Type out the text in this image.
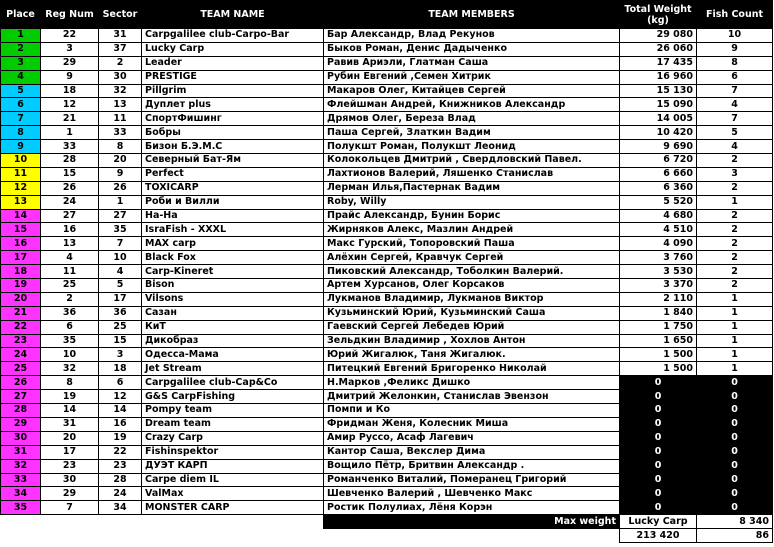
Place	Reg Num	Sector	TEAM NAME	TEAM MEMBERS	Total Weight (kg)	Fish Count
1	22	31	Carpgalilee club-Carpo-Bar	Бар Александр, Влад Рекунов	29 080	10
2	3	37	Lucky Carp	Быков Роман, Денис Дадыченко	26 060	9
3	29	2	Leader	Равив Ариэли, Глатман Саша	17 435	8
4	9	30	PRESTIGE	Рубин Евгений ,Семен Хитрик	16 960	6
5	18	32	Pillgrim	Макаров Олег, Китайцев Сергей	15 130	7
6	12	13	Дуплет plus	Флейшман Андрей, Книжников Александр	15 090	4
7	21	11	СпортФишинг	Дрямов Олег, Береза Влад	14 005	7
8	1	33	Бобры	Паша Сергей, Златкин Вадим	10 420	5
9	33	8	Бизон Б.Э.М.С	Полукшт Роман, Полукшт Леонид	9 690	4
10	28	20	Северный Бат-Ям	Колокольцев Дмитрий , Свердловский Павел.	6 720	2
11	15	9	Perfect	Лахтионов Валерий, Ляшенко Станислав	6 660	3
12	26	26	TOXICARP	Лерман Илья,Пастернак Вадим	6 360	2
13	24	1	Роби и Вилли	Roby, Willy	5 520	1
14	27	27	На-На	Прайс Александр, Бунин Борис	4 680	2
15	16	35	IsraFish - XXXL	Жирняков Алекс, Мазлин Андрей	4 510	2
16	13	7	MAX carp	Макс Гурский, Топоровский Паша	4 090	2
17	4	10	Black Fox	Алёхин Сергей, Кравчук Сергей	3 760	2
18	11	4	Carp-Kineret	Пиковский Александр, Тоболкин Валерий.	3 530	2
19	25	5	Bison	Артем Хурсанов, Олег Корсаков	3 370	2
20	2	17	Vilsons	Лукманов Владимир, Лукманов Виктор	2 110	1
21	36	36	Сазан	Кузьминский Юрий, Кузьминский Саша	1 840	1
22	6	25	КиТ	Гаевский Сергей Лебедев Юрий	1 750	1
23	35	15	Дикобраз	Зельдкин Владимир , Хохлов Антон	1 650	1
24	10	3	Одесса-Мама	Юрий Жигалюк, Таня Жигалюк.	1 500	1
25	32	18	Jet Stream	Питецкий Евгений Бригоренко Николай	1 500	1
26	8	6	Carpgalilee club-Cap&Co	Н.Марков ,Феликс Дишко	0	0
27	19	12	G&S CarpFishing	Дмитрий Желонкин, Станислав Эвензон	0	0
28	14	14	Pompy team	Помпи и Ко	0	0
29	31	16	Dream team	Фридман Женя, Колесник Миша	0	0
30	20	19	Crazy Carp	Амир Руссо, Асаф Лагевич	0	0
31	17	22	Fishinspektor	Кантор Саша, Векслер Дима	0	0
32	23	23	ДУЭТ КАРП	Вощило Пётр, Бритвин Александр .	0	0
33	30	28	Carpe diem IL	Романченко Виталий, Померанец Григорий	0	0
34	29	24	ValMax	Шевченко Валерий , Шевченко Макс	0	0
35	7	34	MONSTER CARP	Ростик Полулиах, Лёня Корэн	0	0
				Max weight	Lucky Carp	8 340
					213 420	86
